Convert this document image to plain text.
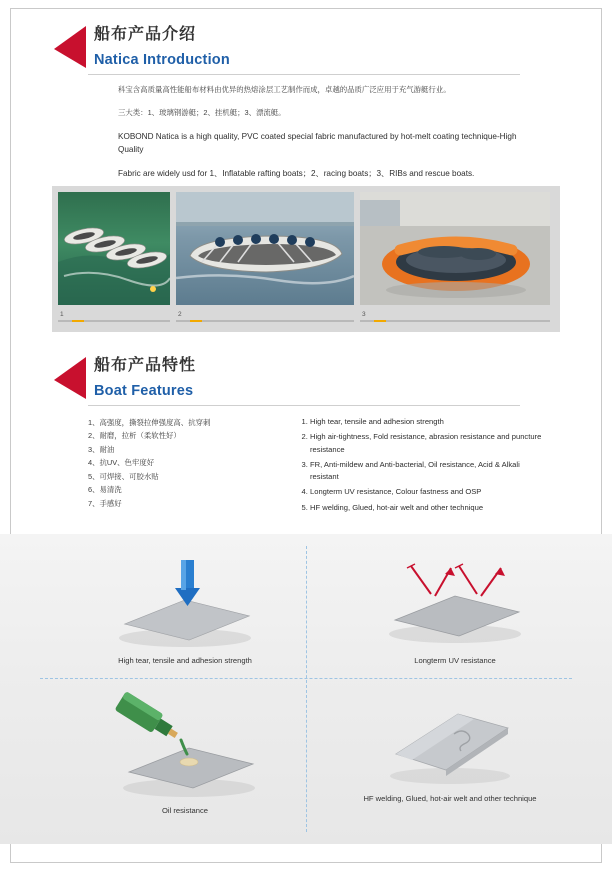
船布产品介绍

Natica Introduction

科宝含高质量高性能船布材料由优异的热熔涂层工艺制作而成，卓越的品质广泛应用于充气游艇行业。

三大类：1、玻璃钢游艇；2、挂机艇；3、漂流艇。

KOBOND Natica is a high quality, PVC coated special fabric manufactured by hot-melt coating technique-High Quality

Fabric are widely usd for 1、Inflatable rafting boats；2、racing boats；3、RIBs and rescue boats.

1	2	3

船布产品特性

Boat Features

1、高强度，撕裂拉伸强度高、抗穿刺
2、耐磨，拉析（柔软性好）
3、耐油
4、抗UV、色牢度好
5、可焊接、可胶水贴
6、易清洗
7、手感好
1. High tear, tensile and adhesion strength
2. High air-tightness, Fold resistance, abrasion resistance and puncture resistance
3. FR, Anti-mildew and Anti-bacterial, Oil resistance, Acid & Alkali resistant
4. Longterm UV resistance, Colour fastness and OSP
5. HF welding, Glued, hot-air welt and other technique
High tear, tensile and adhesion strength	Longterm UV resistance
Oil resistance
HF welding, Glued, hot-air welt and other technique
